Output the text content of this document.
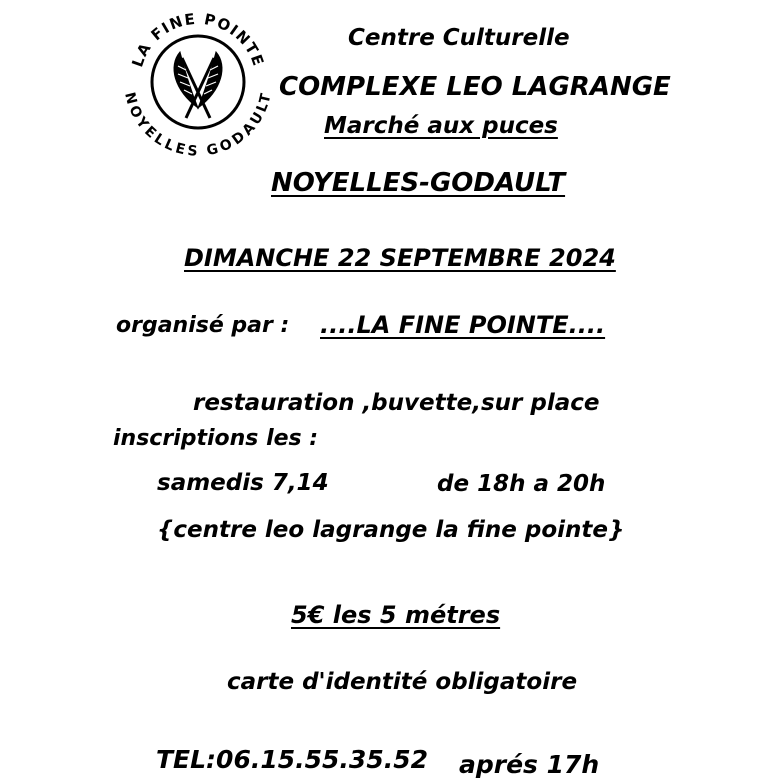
LA FINE POINTE
NOYELLES GODAULT
Centre Culturelle
COMPLEXE LEO LAGRANGE
Marché aux puces
NOYELLES-GODAULT
DIMANCHE 22 SEPTEMBRE 2024
organisé par : ....LA FINE POINTE....
restauration ,buvette,sur place
inscriptions les :
samedis 7,14	de 18h a 20h
{centre leo lagrange la fine pointe}
5€ les 5 métres
carte d'identité obligatoire
TEL:06.15.55.35.52 aprés 17h
